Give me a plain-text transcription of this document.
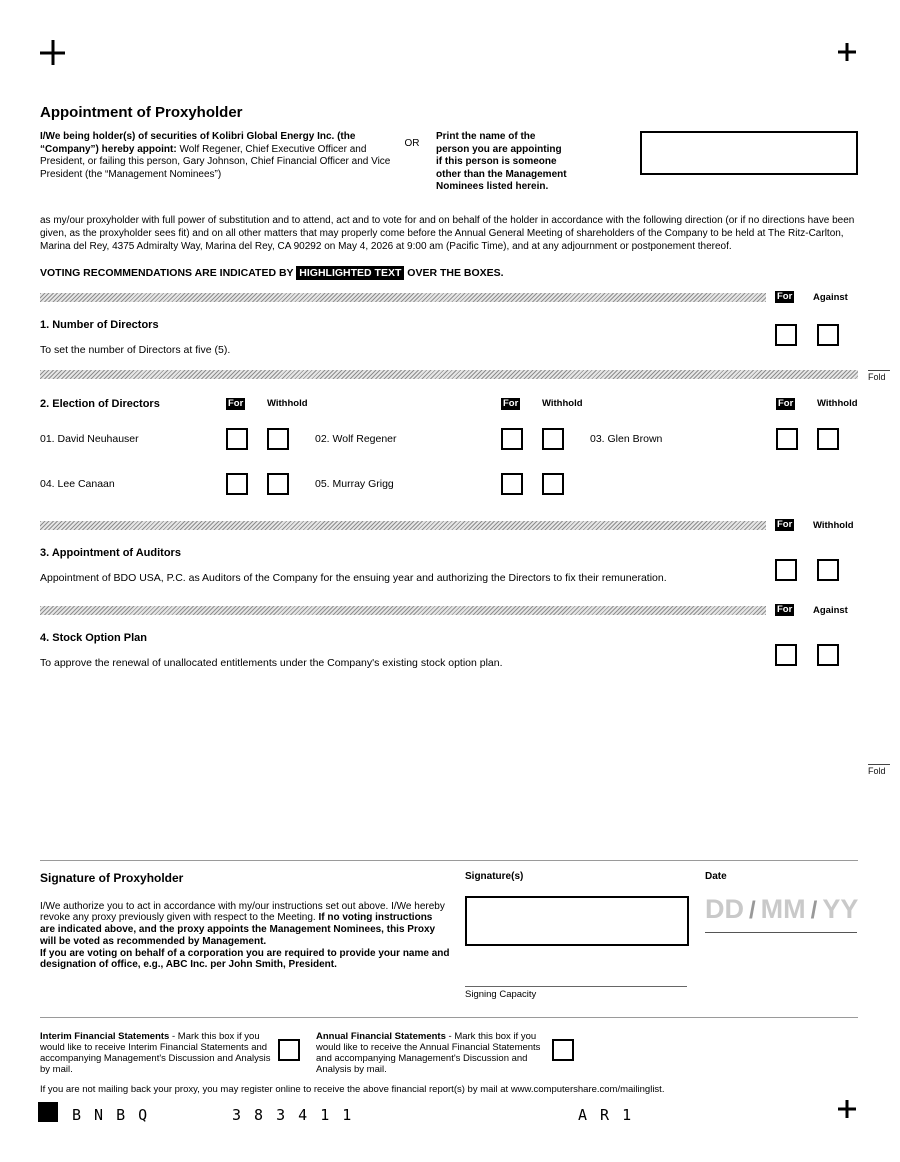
Fold
Fold
Appointment of Proxyholder
I/We being holder(s) of securities of Kolibri Global Energy Inc. (the “Company”) hereby appoint: Wolf Regener, Chief Executive Officer and President, or failing this person, Gary Johnson, Chief Financial Officer and Vice President (the “Management Nominees”)
OR
Print the name of the person you are appointing if this person is someone other than the Management Nominees listed herein.

as my/our proxyholder with full power of substitution and to attend, act and to vote for and on behalf of the holder in accordance with the following direction (or if no directions have been given, as the proxyholder sees fit) and on all other matters that may properly come before the Annual General Meeting of shareholders of the Company to be held at The Ritz-Carlton, Marina del Rey, 4375 Admiralty Way, Marina del Rey, CA 90292 on May 4, 2026 at 9:00 am (Pacific Time), and at any adjournment or postponement thereof.

VOTING RECOMMENDATIONS ARE INDICATED BY HIGHLIGHTED TEXT OVER THE BOXES.

For Against
1. Number of Directors
To set the number of Directors at five (5).
2. Election of Directors	For	Withhold	For	Withhold	For	Withhold
01. David Neuhauser	02. Wolf Regener	03. Glen Brown
04. Lee Canaan	05. Murray Grigg
For Withhold
3. Appointment of Auditors
Appointment of BDO USA, P.C. as Auditors of the Company for the ensuing year and authorizing the Directors to fix their remuneration.
For Against
4. Stock Option Plan
To approve the renewal of unallocated entitlements under the Company's existing stock option plan.
Signature of Proxyholder
I/We authorize you to act in accordance with my/our instructions set out above. I/We hereby revoke any proxy previously given with respect to the Meeting. If no voting instructions are indicated above, and the proxy appoints the Management Nominees, this Proxy will be voted as recommended by Management.
If you are voting on behalf of a corporation you are required to provide your name and designation of office, e.g., ABC Inc. per John Smith, President.
Signature(s)
Signing Capacity
Date
DD / MM / YY
Interim Financial Statements - Mark this box if you would like to receive Interim Financial Statements and accompanying Management's Discussion and Analysis by mail.
Annual Financial Statements - Mark this box if you would like to receive the Annual Financial Statements and accompanying Management's Discussion and Analysis by mail.
If you are not mailing back your proxy, you may register online to receive the above financial report(s) by mail at www.computershare.com/mailinglist.
B N B Q	3 8 3 4 1 1	A R 1
